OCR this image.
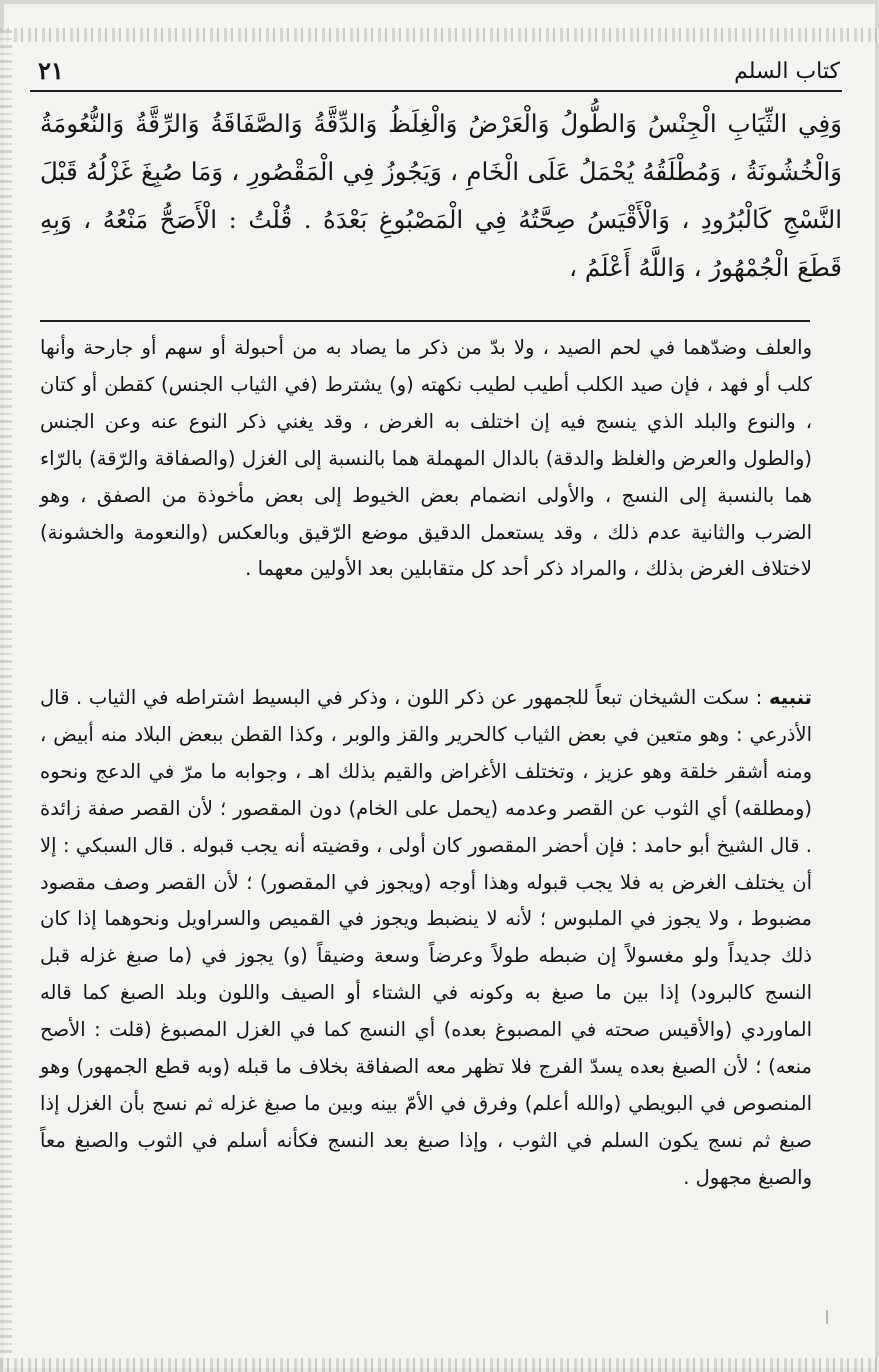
٢١	كتاب السلم

وَفِي الثِّيَابِ الْجِنْسُ وَالطُّولُ وَالْعَرْضُ وَالْغِلَظُ وَالدِّقَّةُ وَالصَّفَاقَةُ وَالرِّقَّةُ وَالنُّعُومَةُ وَالْخُشُونَةُ ، وَمُطْلَقُهُ يُحْمَلُ عَلَى الْخَامِ ، وَيَجُوزُ فِي الْمَقْصُورِ ، وَمَا صُبِغَ غَزْلُهُ قَبْلَ النَّسْجِ كَالْبُرُودِ ، وَالْأَقْيَسُ صِحَّتُهُ فِي الْمَصْبُوغِ بَعْدَهُ . قُلْتُ : الْأَصَحُّ مَنْعُهُ ، وَبِهِ قَطَعَ الْجُمْهُورُ ، وَاللَّهُ أَعْلَمُ ،

والعلف وضدّهما في لحم الصيد ، ولا بدّ من ذكر ما يصاد به من أحبولة أو سهم أو جارحة وأنها كلب أو فهد ، فإن صيد الكلب أطيب لطيب نكهته (و) يشترط (في الثياب الجنس) كقطن أو كتان ، والنوع والبلد الذي ينسج فيه إن اختلف به الغرض ، وقد يغني ذكر النوع عنه وعن الجنس (والطول والعرض والغلظ والدقة) بالدال المهملة هما بالنسبة إلى الغزل (والصفاقة والرّقة) بالرّاء هما بالنسبة إلى النسج ، والأولى انضمام بعض الخيوط إلى بعض مأخوذة من الصفق ، وهو الضرب والثانية عدم ذلك ، وقد يستعمل الدقيق موضع الرّقيق وبالعكس (والنعومة والخشونة) لاختلاف الغرض بذلك ، والمراد ذكر أحد كل متقابلين بعد الأولين معهما .

تنبيه : سكت الشيخان تبعاً للجمهور عن ذكر اللون ، وذكر في البسيط اشتراطه في الثياب . قال الأذرعي : وهو متعين في بعض الثياب كالحرير والقز والوبر ، وكذا القطن ببعض البلاد منه أبيض ، ومنه أشقر خلقة وهو عزيز ، وتختلف الأغراض والقيم بذلك اهـ ، وجوابه ما مرّ في الدعج ونحوه (ومطلقه) أي الثوب عن القصر وعدمه (يحمل على الخام) دون المقصور ؛ لأن القصر صفة زائدة . قال الشيخ أبو حامد : فإن أحضر المقصور كان أولى ، وقضيته أنه يجب قبوله . قال السبكي : إلا أن يختلف الغرض به فلا يجب قبوله وهذا أوجه (ويجوز في المقصور) ؛ لأن القصر وصف مقصود مضبوط ، ولا يجوز في الملبوس ؛ لأنه لا ينضبط ويجوز في القميص والسراويل ونحوهما إذا كان ذلك جديداً ولو مغسولاً إن ضبطه طولاً وعرضاً وسعة وضيقاً (و) يجوز في (ما صبغ غزله قبل النسج كالبرود) إذا بين ما صبغ به وكونه في الشتاء أو الصيف واللون وبلد الصبغ كما قاله الماوردي (والأقيس صحته في المصبوغ بعده) أي النسج كما في الغزل المصبوغ (قلت : الأصح منعه) ؛ لأن الصبغ بعده يسدّ الفرج فلا تظهر معه الصفاقة بخلاف ما قبله (وبه قطع الجمهور) وهو المنصوص في البويطي (والله أعلم) وفرق في الأمّ بينه وبين ما صبغ غزله ثم نسج بأن الغزل إذا صبغ ثم نسج يكون السلم في الثوب ، وإذا صبغ بعد النسج فكأنه أسلم في الثوب والصبغ معاً والصبغ مجهول .
